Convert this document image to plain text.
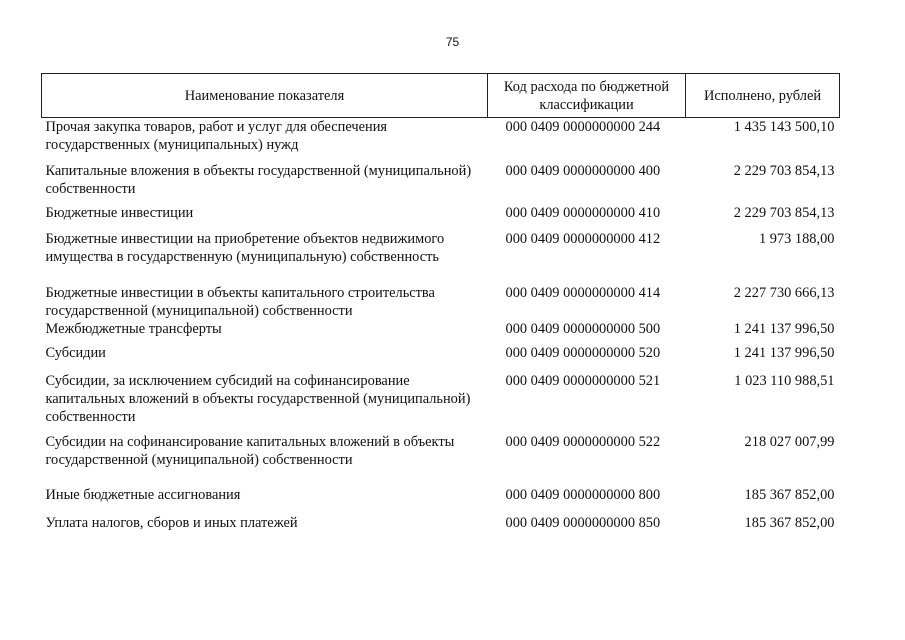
75
Наименование показателя	Код расхода по бюджетной классификации	Исполнено, рублей
Прочая закупка товаров, работ и услуг для обеспечения государственных (муниципальных) нужд	000 0409 0000000000 244	1 435 143 500,10
Капитальные вложения в объекты государственной (муниципальной) собственности	000 0409 0000000000 400	2 229 703 854,13
Бюджетные инвестиции	000 0409 0000000000 410	2 229 703 854,13
Бюджетные инвестиции на приобретение объектов недвижимого имущества в государственную (муниципальную) собственность	000 0409 0000000000 412	1 973 188,00
Бюджетные инвестиции в объекты капитального строительства государственной (муниципальной) собственности	000 0409 0000000000 414	2 227 730 666,13
Межбюджетные трансферты	000 0409 0000000000 500	1 241 137 996,50
Субсидии	000 0409 0000000000 520	1 241 137 996,50
Субсидии, за исключением субсидий на софинансирование капитальных вложений в объекты государственной (муниципальной) собственности	000 0409 0000000000 521	1 023 110 988,51
Субсидии на софинансирование капитальных вложений в объекты государственной (муниципальной) собственности	000 0409 0000000000 522	218 027 007,99
Иные бюджетные ассигнования	000 0409 0000000000 800	185 367 852,00
Уплата налогов, сборов и иных платежей	000 0409 0000000000 850	185 367 852,00
